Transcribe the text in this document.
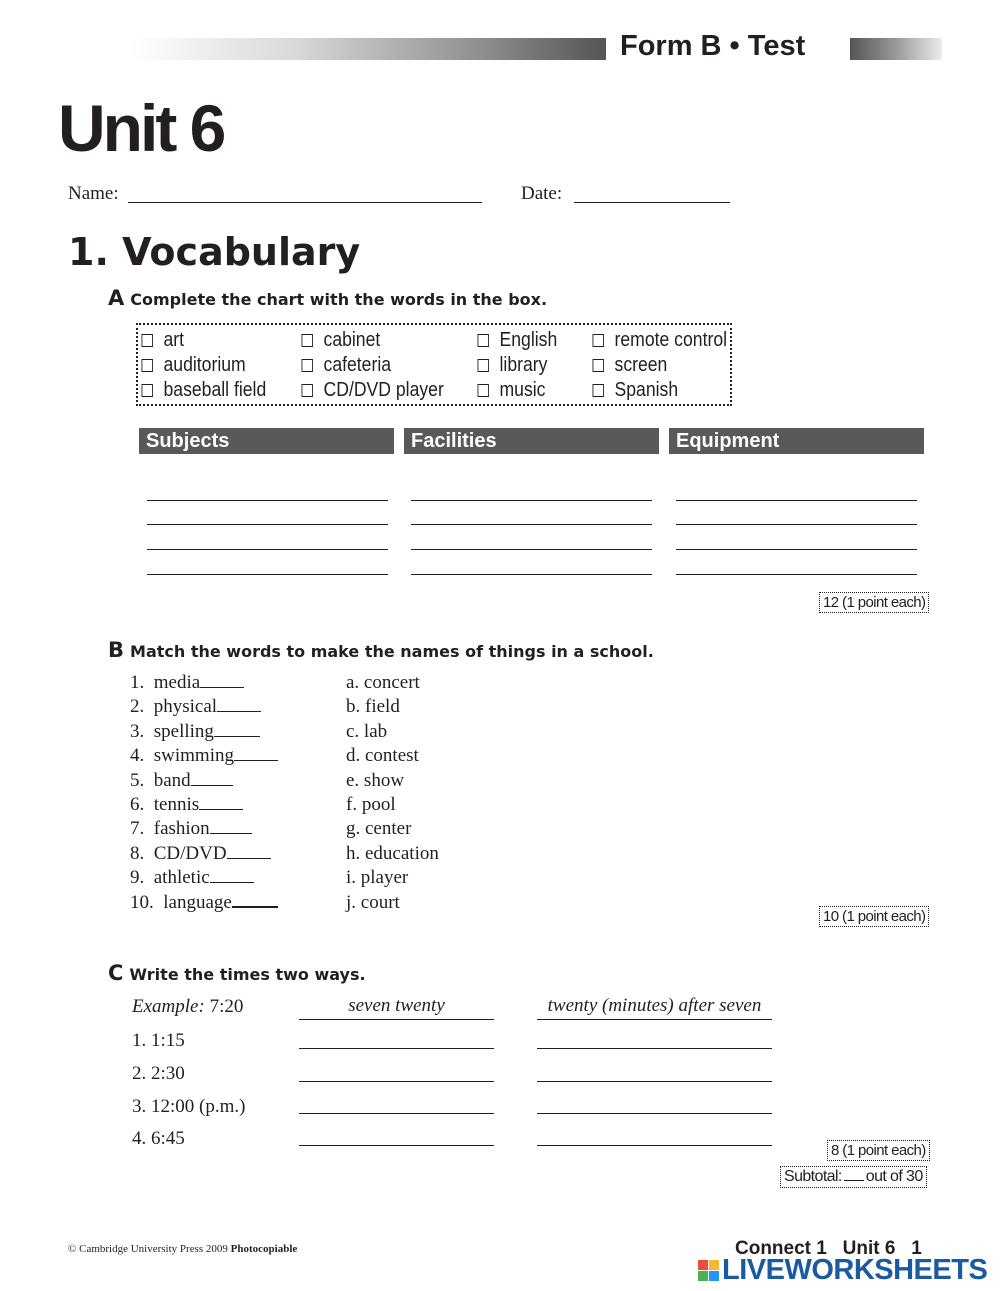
Form B • Test
Unit 6
Name:	Date:
1. Vocabulary
A Complete the chart with the words in the box.
art
auditorium
baseball field
cabinet
cafeteria
CD/DVD player
English
library
music
remote control
screen
Spanish
Subjects	Facilities	Equipment
12 (1 point each)
B Match the words to make the names of things in a school.
1.  media
2.  physical
3.  spelling
4.  swimming
5.  band
6.  tennis
7.  fashion
8.  CD/DVD
9.  athletic
10.  language
a. concert
b. field
c. lab
d. contest
e. show
f. pool
g. center
h. education
i. player
j. court
10 (1 point each)
C Write the times two ways.
Example: 7:20	seven twenty	twenty (minutes) after seven
1. 1:15
2. 2:30
3. 12:00 (p.m.)
4. 6:45
8 (1 point each)
Subtotal: out of 30
© Cambridge University Press 2009 Photocopiable	Connect 1   Unit 6   1
LIVEWORKSHEETS
